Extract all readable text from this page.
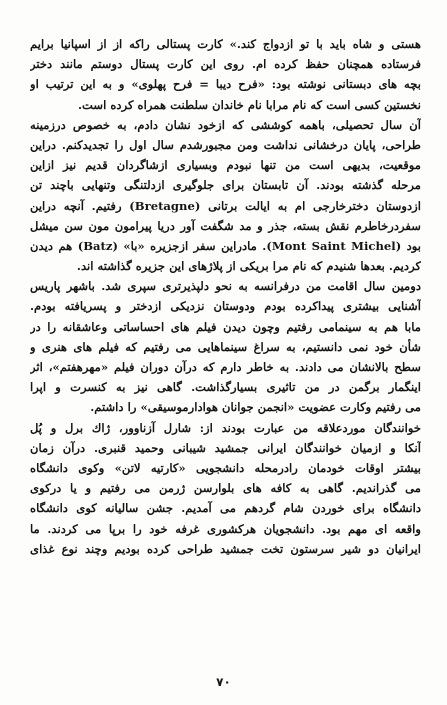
هستی و شاه باید با تو ازدواج کند.» کارت پستالی راکه از از اسپانیا برایم
فرستاده همچنان حفظ کرده ام. روی این کارت پستال دوستم مانند دختر
بچه های دبستانی نوشته بود: «فرح دیبا = فرح پهلوی» و به این ترتیب او
نخستین کسی است که نام مرابا نام خاندان سلطنت همراه کرده است.
آن سال تحصیلی، باهمه کوششی که ازخود نشان دادم، به خصوص درزمینه
طراحی، پایان درخشانی نداشت ومن مجبورشدم سال اول را تجدیدکنم. دراین
موقعیت، بدیهی است من تنها نبودم وبسیاری ازشاگردان قدیم نیز ازاین
مرحله گذشته بودند. آن تابستان برای جلوگیری ازدلتنگی وتنهایی باچند تن
ازدوستان دخترخارجی ام به ایالت برتانی (Bretagne) رفتیم. آنچه دراین
سفردرخاطرم نقش بسته، جذر و مد شگفت آور دریا پیرامون مون سن میشل
بود (Mont Saint Michel). مادراین سفر ازجزیره «با» (Batz) هم دیدن
کردیم. بعدها شنیدم که نام مرا بریکی از پلاژهای این جزیره گذاشته اند.
دومین سال اقامت من درفرانسه به نحو دلپذیرتری سپری شد. باشهر پاریس
آشنایی بیشتری پیداکرده بودم ودوستان نزدیکی ازدختر و پسریافته بودم.
مابا هم به سینمامی رفتیم وچون دیدن فیلم های احساساتی وعاشقانه را در
شأن خود نمی دانستیم، به سراغ سینماهایی می رفتیم که فیلم های هنری و
سطح بالانشان می دادند. به خاطر دارم که درآن دوران فیلم «مهرهفتم»، اثر
اینگمار برگمن در من تاثیری بسیارگذاشت. گاهی نیز به کنسرت و اپرا
می رفتیم وکارت عضویت «انجمن جوانان هوادارموسیقی» را داشتم.
خوانندگان موردعلاقه من عبارت بودند از: شارل آزناوور، ژاك برل و پُل
آنکا و ازمیان خوانندگان ایرانی جمشید شیبانی وحمید قنبری. درآن زمان
بیشتر اوقات خودمان رادرمحله دانشجویی «کارتیه لاتن» وکوی دانشگاه
می گذراندیم. گاهی به کافه های بلوارسن ژرمن می رفتیم و یا درکوی
دانشگاه برای خوردن شام گردهم می آمدیم. جشن سالیانه کوی دانشگاه
واقعه ای مهم بود. دانشجویان هرکشوری غرفه خود را برپا می کردند. ما
ایرانیان دو شیر سرستون تخت جمشید طراحی کرده بودیم وچند نوع غذای
۷۰
